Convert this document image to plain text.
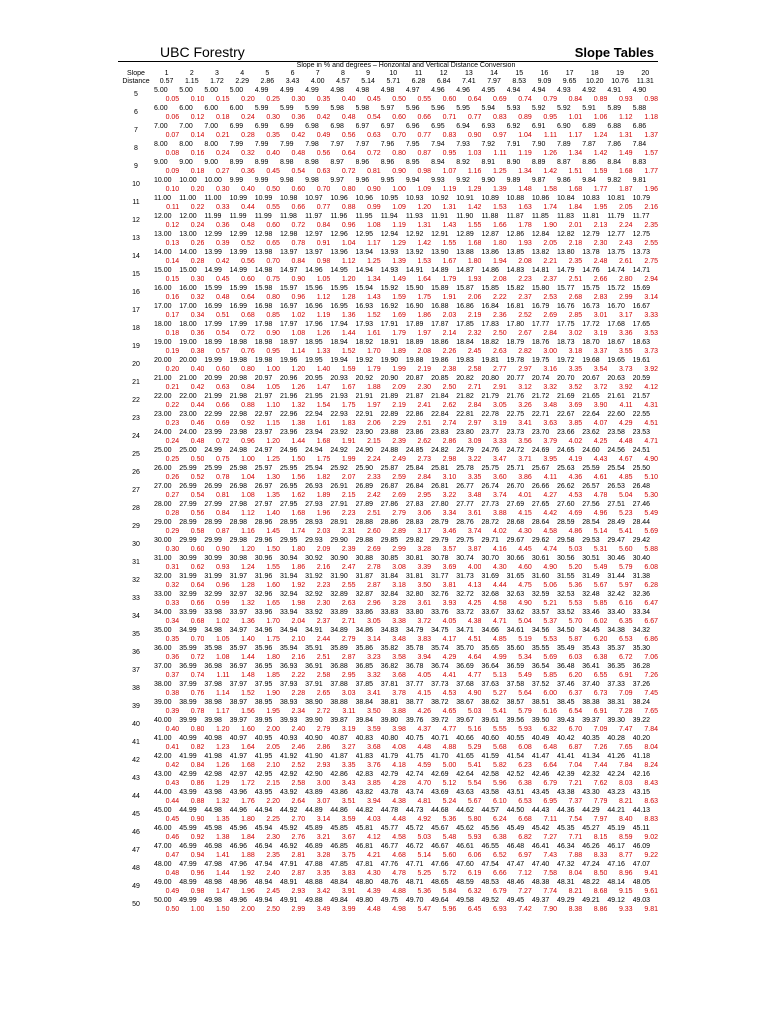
UBC Forestry	Slope Tables
	Slope in % and degrees – Horizontal and Vertical Distance Conversion																			
Slope
Distance	1	2	3	4	5	6	7	8	9	10	11	12	13	14	15	16	17	18	19	20
	0.57	1.15	1.72	2.29	2.86	3.43	4.00	4.57	5.14	5.71	6.28	6.84	7.41	7.97	8.53	9.09	9.65	10.20	10.76	11.31
5	5.00	5.00	5.00	5.00	4.99	4.99	4.99	4.98	4.98	4.98	4.97	4.96	4.96	4.95	4.94	4.94	4.93	4.92	4.91	4.90
	0.05	0.10	0.15	0.20	0.25	0.30	0.35	0.40	0.45	0.50	0.55	0.60	0.64	0.69	0.74	0.79	0.84	0.89	0.93	0.98
6	6.00	6.00	6.00	6.00	5.99	5.99	5.99	5.98	5.98	5.97	5.96	5.96	5.95	5.94	5.93	5.92	5.92	5.91	5.89	5.88
	0.06	0.12	0.18	0.24	0.30	0.36	0.42	0.48	0.54	0.60	0.66	0.71	0.77	0.83	0.89	0.95	1.01	1.06	1.12	1.18
7	7.00	7.00	7.00	6.99	6.99	6.99	6.98	6.98	6.97	6.97	6.96	6.95	6.94	6.93	6.92	6.91	6.90	6.89	6.88	6.86
	0.07	0.14	0.21	0.28	0.35	0.42	0.49	0.56	0.63	0.70	0.77	0.83	0.90	0.97	1.04	1.11	1.17	1.24	1.31	1.37
8	8.00	8.00	8.00	7.99	7.99	7.99	7.98	7.97	7.97	7.96	7.95	7.94	7.93	7.92	7.91	7.90	7.89	7.87	7.86	7.84
	0.08	0.16	0.24	0.32	0.40	0.48	0.56	0.64	0.72	0.80	0.87	0.95	1.03	1.11	1.19	1.26	1.34	1.42	1.49	1.57
9	9.00	9.00	9.00	8.99	8.99	8.98	8.98	8.97	8.96	8.96	8.95	8.94	8.92	8.91	8.90	8.89	8.87	8.86	8.84	8.83
	0.09	0.18	0.27	0.36	0.45	0.54	0.63	0.72	0.81	0.90	0.98	1.07	1.16	1.25	1.34	1.42	1.51	1.59	1.68	1.77
10	10.00	10.00	10.00	9.99	9.99	9.98	9.98	9.97	9.96	9.95	9.94	9.93	9.92	9.90	9.89	9.87	9.86	9.84	9.82	9.81
	0.10	0.20	0.30	0.40	0.50	0.60	0.70	0.80	0.90	1.00	1.09	1.19	1.29	1.39	1.48	1.58	1.68	1.77	1.87	1.96
11	11.00	11.00	11.00	10.99	10.99	10.98	10.97	10.96	10.96	10.95	10.93	10.92	10.91	10.89	10.88	10.86	10.84	10.83	10.81	10.79
	0.11	0.22	0.33	0.44	0.55	0.66	0.77	0.88	0.99	1.09	1.20	1.31	1.42	1.53	1.63	1.74	1.84	1.95	2.05	2.16
12	12.00	12.00	11.99	11.99	11.99	11.98	11.97	11.96	11.95	11.94	11.93	11.91	11.90	11.88	11.87	11.85	11.83	11.81	11.79	11.77
	0.12	0.24	0.36	0.48	0.60	0.72	0.84	0.96	1.08	1.19	1.31	1.43	1.55	1.66	1.78	1.90	2.01	2.13	2.24	2.35
13	13.00	13.00	12.99	12.99	12.98	12.98	12.97	12.96	12.95	12.94	12.92	12.91	12.89	12.87	12.86	12.84	12.82	12.79	12.77	12.75
	0.13	0.26	0.39	0.52	0.65	0.78	0.91	1.04	1.17	1.29	1.42	1.55	1.68	1.80	1.93	2.05	2.18	2.30	2.43	2.55
14	14.00	14.00	13.99	13.99	13.98	13.97	13.97	13.96	13.94	13.93	13.92	13.90	13.88	13.86	13.85	13.82	13.80	13.78	13.75	13.73
	0.14	0.28	0.42	0.56	0.70	0.84	0.98	1.12	1.25	1.39	1.53	1.67	1.80	1.94	2.08	2.21	2.35	2.48	2.61	2.75
15	15.00	15.00	14.99	14.99	14.98	14.97	14.96	14.95	14.94	14.93	14.91	14.89	14.87	14.86	14.83	14.81	14.79	14.76	14.74	14.71
	0.15	0.30	0.45	0.60	0.75	0.90	1.05	1.20	1.34	1.49	1.64	1.79	1.93	2.08	2.23	2.37	2.51	2.66	2.80	2.94
16	16.00	16.00	15.99	15.99	15.98	15.97	15.96	15.95	15.94	15.92	15.90	15.89	15.87	15.85	15.82	15.80	15.77	15.75	15.72	15.69
	0.16	0.32	0.48	0.64	0.80	0.96	1.12	1.28	1.43	1.59	1.75	1.91	2.06	2.22	2.37	2.53	2.68	2.83	2.99	3.14
17	17.00	17.00	16.99	16.99	16.98	16.97	16.96	16.95	16.93	16.92	16.90	16.88	16.86	16.84	16.81	16.79	16.76	16.73	16.70	16.67
	0.17	0.34	0.51	0.68	0.85	1.02	1.19	1.36	1.52	1.69	1.86	2.03	2.19	2.36	2.52	2.69	2.85	3.01	3.17	3.33
18	18.00	18.00	17.99	17.99	17.98	17.97	17.96	17.94	17.93	17.91	17.89	17.87	17.85	17.83	17.80	17.77	17.75	17.72	17.68	17.65
	0.18	0.36	0.54	0.72	0.90	1.08	1.26	1.44	1.61	1.79	1.97	2.14	2.32	2.50	2.67	2.84	3.02	3.19	3.36	3.53
19	19.00	19.00	18.99	18.98	18.98	18.97	18.95	18.94	18.92	18.91	18.89	18.86	18.84	18.82	18.79	18.76	18.73	18.70	18.67	18.63
	0.19	0.38	0.57	0.76	0.95	1.14	1.33	1.52	1.70	1.89	2.08	2.26	2.45	2.63	2.82	3.00	3.18	3.37	3.55	3.73
20	20.00	20.00	19.99	19.98	19.98	19.96	19.95	19.94	19.92	19.90	19.88	19.86	19.83	19.81	19.78	19.75	19.72	19.68	19.65	19.61
	0.20	0.40	0.60	0.80	1.00	1.20	1.40	1.59	1.79	1.99	2.19	2.38	2.58	2.77	2.97	3.16	3.35	3.54	3.73	3.92
21	21.00	21.00	20.99	20.98	20.97	20.96	20.95	20.93	20.92	20.90	20.87	20.85	20.82	20.80	20.77	20.74	20.70	20.67	20.63	20.59
	0.21	0.42	0.63	0.84	1.05	1.26	1.47	1.67	1.88	2.09	2.30	2.50	2.71	2.91	3.12	3.32	3.52	3.72	3.92	4.12
22	22.00	22.00	21.99	21.98	21.97	21.96	21.95	21.93	21.91	21.89	21.87	21.84	21.82	21.79	21.76	21.72	21.69	21.65	21.61	21.57
	0.22	0.44	0.66	0.88	1.10	1.32	1.54	1.75	1.97	2.19	2.41	2.62	2.84	3.05	3.26	3.48	3.69	3.90	4.11	4.31
23	23.00	23.00	22.99	22.98	22.97	22.96	22.94	22.93	22.91	22.89	22.86	22.84	22.81	22.78	22.75	22.71	22.67	22.64	22.60	22.55
	0.23	0.46	0.69	0.92	1.15	1.38	1.61	1.83	2.06	2.29	2.51	2.74	2.97	3.19	3.41	3.63	3.85	4.07	4.29	4.51
24	24.00	24.00	23.99	23.98	23.97	23.96	23.94	23.92	23.90	23.88	23.86	23.83	23.80	23.77	23.73	23.70	23.66	23.62	23.58	23.53
	0.24	0.48	0.72	0.96	1.20	1.44	1.68	1.91	2.15	2.39	2.62	2.86	3.09	3.33	3.56	3.79	4.02	4.25	4.48	4.71
25	25.00	25.00	24.99	24.98	24.97	24.96	24.94	24.92	24.90	24.88	24.85	24.82	24.79	24.76	24.72	24.69	24.65	24.60	24.56	24.51
	0.25	0.50	0.75	1.00	1.25	1.50	1.75	1.99	2.24	2.49	2.73	2.98	3.22	3.47	3.71	3.95	4.19	4.43	4.67	4.90
26	26.00	25.99	25.99	25.98	25.97	25.95	25.94	25.92	25.90	25.87	25.84	25.81	25.78	25.75	25.71	25.67	25.63	25.59	25.54	25.50
	0.26	0.52	0.78	1.04	1.30	1.56	1.82	2.07	2.33	2.59	2.84	3.10	3.35	3.60	3.86	4.11	4.36	4.61	4.85	5.10
27	27.00	26.99	26.99	26.98	26.97	26.95	26.93	26.91	26.89	26.87	26.84	26.81	26.77	26.74	26.70	26.66	26.62	26.57	26.53	26.48
	0.27	0.54	0.81	1.08	1.35	1.62	1.89	2.15	2.42	2.69	2.95	3.22	3.48	3.74	4.01	4.27	4.53	4.78	5.04	5.30
28	28.00	27.99	27.99	27.98	27.97	27.95	27.93	27.91	27.89	27.86	27.83	27.80	27.77	27.73	27.69	27.65	27.60	27.56	27.51	27.46
	0.28	0.56	0.84	1.12	1.40	1.68	1.96	2.23	2.51	2.79	3.06	3.34	3.61	3.88	4.15	4.42	4.69	4.96	5.23	5.49
29	29.00	28.99	28.99	28.98	28.96	28.95	28.93	28.91	28.88	28.86	28.83	28.79	28.76	28.72	28.68	28.64	28.59	28.54	28.49	28.44
	0.29	0.58	0.87	1.16	1.45	1.74	2.03	2.31	2.60	2.89	3.17	3.46	3.74	4.02	4.30	4.58	4.86	5.14	5.41	5.69
30	30.00	29.99	29.99	29.98	29.96	29.95	29.93	29.90	29.88	29.85	29.82	29.79	29.75	29.71	29.67	29.62	29.58	29.53	29.47	29.42
	0.30	0.60	0.90	1.20	1.50	1.80	2.09	2.39	2.69	2.99	3.28	3.57	3.87	4.16	4.45	4.74	5.03	5.31	5.60	5.88
31	31.00	30.99	30.99	30.98	30.96	30.94	30.92	30.90	30.88	30.85	30.81	30.78	30.74	30.70	30.66	30.61	30.56	30.51	30.46	30.40
	0.31	0.62	0.93	1.24	1.55	1.86	2.16	2.47	2.78	3.08	3.39	3.69	4.00	4.30	4.60	4.90	5.20	5.49	5.79	6.08
32	32.00	31.99	31.99	31.97	31.96	31.94	31.92	31.90	31.87	31.84	31.81	31.77	31.73	31.69	31.65	31.60	31.55	31.49	31.44	31.38
	0.32	0.64	0.96	1.28	1.60	1.92	2.23	2.55	2.87	3.18	3.50	3.81	4.13	4.44	4.75	5.06	5.36	5.67	5.97	6.28
33	33.00	32.99	32.99	32.97	32.96	32.94	32.92	32.89	32.87	32.84	32.80	32.76	32.72	32.68	32.63	32.59	32.53	32.48	32.42	32.36
	0.33	0.66	0.99	1.32	1.65	1.98	2.30	2.63	2.96	3.28	3.61	3.93	4.25	4.58	4.90	5.21	5.53	5.85	6.16	6.47
34	34.00	33.99	33.98	33.97	33.96	33.94	33.92	33.89	33.86	33.83	33.80	33.76	33.72	33.67	33.62	33.57	33.52	33.46	33.40	33.34
	0.34	0.68	1.02	1.36	1.70	2.04	2.37	2.71	3.05	3.38	3.72	4.05	4.38	4.71	5.04	5.37	5.70	6.02	6.35	6.67
35	35.00	34.99	34.98	34.97	34.96	34.94	34.91	34.89	34.86	34.83	34.79	34.75	34.71	34.66	34.61	34.56	34.50	34.45	34.38	34.32
	0.35	0.70	1.05	1.40	1.75	2.10	2.44	2.79	3.14	3.48	3.83	4.17	4.51	4.85	5.19	5.53	5.87	6.20	6.53	6.86
36	36.00	35.99	35.98	35.97	35.96	35.94	35.91	35.89	35.86	35.82	35.78	35.74	35.70	35.65	35.60	35.55	35.49	35.43	35.37	35.30
	0.36	0.72	1.08	1.44	1.80	2.16	2.51	2.87	3.23	3.58	3.94	4.29	4.64	4.99	5.34	5.69	6.03	6.38	6.72	7.06
37	37.00	36.99	36.98	36.97	36.95	36.93	36.91	36.88	36.85	36.82	36.78	36.74	36.69	36.64	36.59	36.54	36.48	36.41	36.35	36.28
	0.37	0.74	1.11	1.48	1.85	2.22	2.58	2.95	3.32	3.68	4.05	4.41	4.77	5.13	5.49	5.85	6.20	6.55	6.91	7.26
38	38.00	37.99	37.98	37.97	37.95	37.93	37.91	37.88	37.85	37.81	37.77	37.73	37.68	37.63	37.58	37.52	37.46	37.40	37.33	37.26
	0.38	0.76	1.14	1.52	1.90	2.28	2.65	3.03	3.41	3.78	4.15	4.53	4.90	5.27	5.64	6.00	6.37	6.73	7.09	7.45
39	39.00	38.99	38.98	38.97	38.95	38.93	38.90	38.88	38.84	38.81	38.77	38.72	38.67	38.62	38.57	38.51	38.45	38.38	38.31	38.24
	0.39	0.78	1.17	1.56	1.95	2.34	2.72	3.11	3.50	3.88	4.26	4.65	5.03	5.41	5.79	6.16	6.54	6.91	7.28	7.65
40	40.00	39.99	39.98	39.97	39.95	39.93	39.90	39.87	39.84	39.80	39.76	39.72	39.67	39.61	39.56	39.50	39.43	39.37	39.30	39.22
	0.40	0.80	1.20	1.60	2.00	2.40	2.79	3.19	3.59	3.98	4.37	4.77	5.16	5.55	5.93	6.32	6.70	7.09	7.47	7.84
41	41.00	40.99	40.98	40.97	40.95	40.93	40.90	40.87	40.83	40.80	40.75	40.71	40.66	40.60	40.55	40.49	40.42	40.35	40.28	40.20
	0.41	0.82	1.23	1.64	2.05	2.46	2.86	3.27	3.68	4.08	4.48	4.88	5.29	5.68	6.08	6.48	6.87	7.26	7.65	8.04
42	42.00	41.99	41.98	41.97	41.95	41.92	41.90	41.87	41.83	41.79	41.75	41.70	41.65	41.59	41.54	41.47	41.41	41.34	41.26	41.18
	0.42	0.84	1.26	1.68	2.10	2.52	2.93	3.35	3.76	4.18	4.59	5.00	5.41	5.82	6.23	6.64	7.04	7.44	7.84	8.24
43	43.00	42.99	42.98	42.97	42.95	42.92	42.90	42.86	42.83	42.79	42.74	42.69	42.64	42.58	42.52	42.46	42.39	42.32	42.24	42.16
	0.43	0.86	1.29	1.72	2.15	2.58	3.00	3.43	3.85	4.28	4.70	5.12	5.54	5.96	6.38	6.79	7.21	7.62	8.03	8.43
44	44.00	43.99	43.98	43.96	43.95	43.92	43.89	43.86	43.82	43.78	43.74	43.69	43.63	43.58	43.51	43.45	43.38	43.30	43.23	43.15
	0.44	0.88	1.32	1.76	2.20	2.64	3.07	3.51	3.94	4.38	4.81	5.24	5.67	6.10	6.53	6.95	7.37	7.79	8.21	8.63
45	45.00	44.99	44.98	44.96	44.94	44.92	44.89	44.86	44.82	44.78	44.73	44.68	44.62	44.57	44.50	44.43	44.36	44.29	44.21	44.13
	0.45	0.90	1.35	1.80	2.25	2.70	3.14	3.59	4.03	4.48	4.92	5.36	5.80	6.24	6.68	7.11	7.54	7.97	8.40	8.83
46	46.00	45.99	45.98	45.96	45.94	45.92	45.89	45.85	45.81	45.77	45.72	45.67	45.62	45.56	45.49	45.42	45.35	45.27	45.19	45.11
	0.46	0.92	1.38	1.84	2.30	2.76	3.21	3.67	4.12	4.58	5.03	5.48	5.93	6.38	6.82	7.27	7.71	8.15	8.59	9.02
47	47.00	46.99	46.98	46.96	46.94	46.92	46.89	46.85	46.81	46.77	46.72	46.67	46.61	46.55	46.48	46.41	46.34	46.26	46.17	46.09
	0.47	0.94	1.41	1.88	2.35	2.81	3.28	3.75	4.21	4.68	5.14	5.60	6.06	6.52	6.97	7.43	7.88	8.33	8.77	9.22
48	48.00	47.99	47.98	47.96	47.94	47.91	47.88	47.85	47.81	47.76	47.71	47.66	47.60	47.54	47.47	47.40	47.32	47.24	47.16	47.07
	0.48	0.96	1.44	1.92	2.40	2.87	3.35	3.83	4.30	4.78	5.25	5.72	6.19	6.66	7.12	7.58	8.04	8.50	8.96	9.41
49	49.00	48.99	48.98	48.96	48.94	48.91	48.88	48.84	48.80	48.76	48.71	48.65	48.59	48.53	48.46	48.38	48.31	48.22	48.14	48.05
	0.49	0.98	1.47	1.96	2.45	2.93	3.42	3.91	4.39	4.88	5.36	5.84	6.32	6.79	7.27	7.74	8.21	8.68	9.15	9.61
50	50.00	49.99	49.98	49.96	49.94	49.91	49.88	49.84	49.80	49.75	49.70	49.64	49.58	49.52	49.45	49.37	49.29	49.21	49.12	49.03
	0.50	1.00	1.50	2.00	2.50	2.99	3.49	3.99	4.48	4.98	5.47	5.96	6.45	6.93	7.42	7.90	8.38	8.86	9.33	9.81
